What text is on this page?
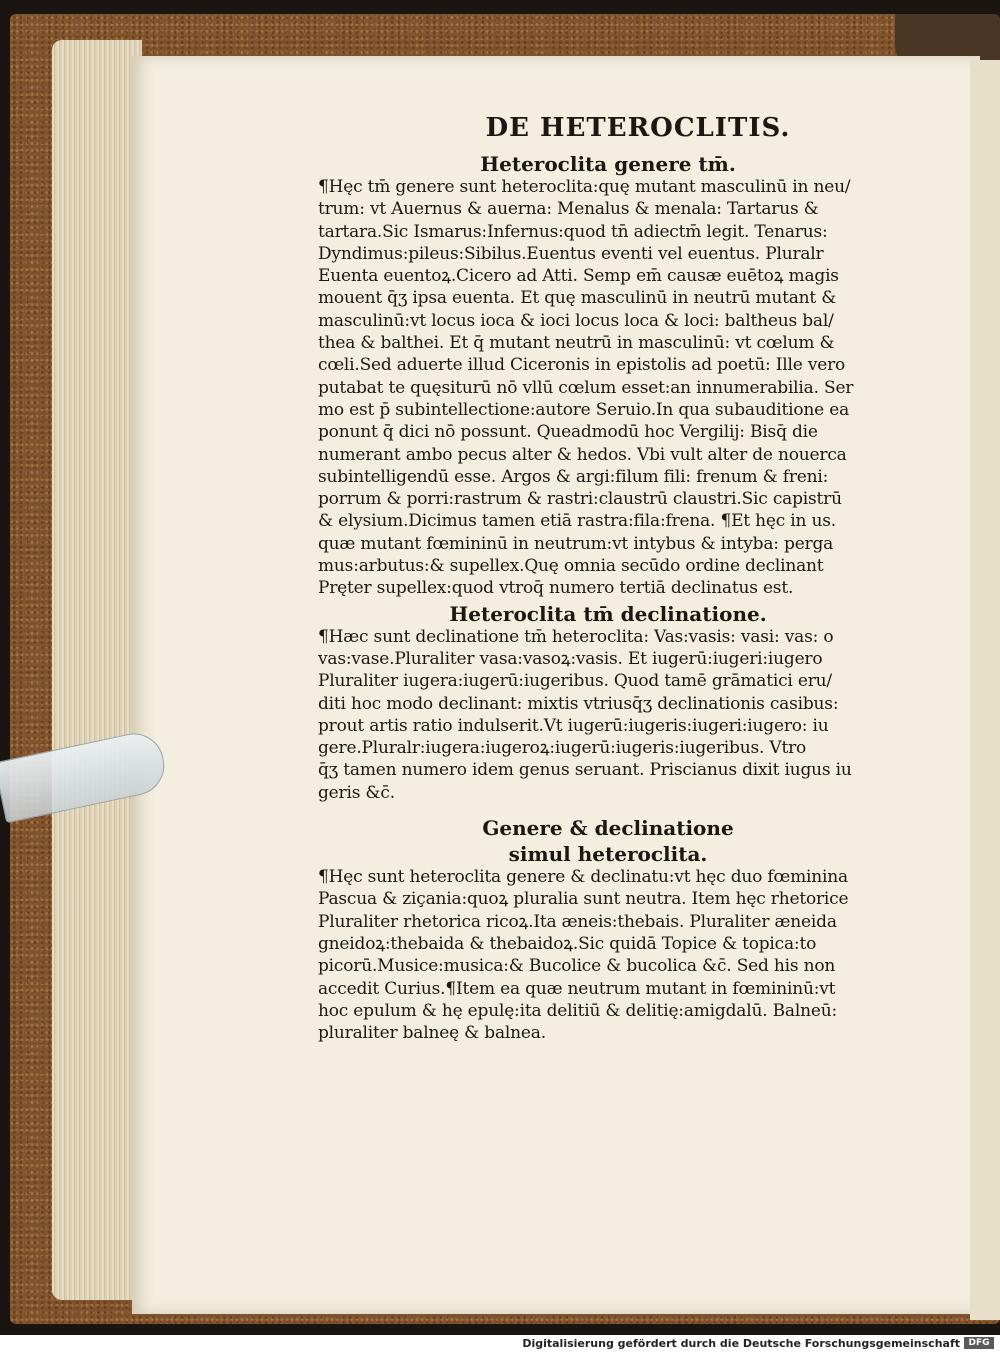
DE HETEROCLITIS.
Heteroclita genere tm̄.
¶Hęc tm̄ genere sunt heteroclita:quę mutant masculinū in neu/
trum: vt Auernus & auerna: Menalus & menala: Tartarus &
tartara.Sic Ismarus:Infernus:quod tn̄ adiectm̄ legit. Tenarus:
Dyndimus:pileus:Sibilus.Euentus eventi vel euentus. Pluralr
Euenta euentoꝝ.Cicero ad Atti. Semp em̄ causæ euētoꝝ magis
mouent q̄ʒ ipsa euenta. Et quę masculinū in neutrū mutant &
masculinū:vt locus ioca & ioci locus loca & loci: baltheus bal/
thea & balthei. Et q̄ mutant neutrū in masculinū: vt cœlum &
cœli.Sed aduerte illud Ciceronis in epistolis ad poetū: Ille vero
putabat te quęsiturū nō vllū cœlum esset:an innumerabilia. Ser
mo est p̄ subintellectione:autore Seruio.In qua subauditione ea
ponunt q̄ dici nō possunt. Queadmodū hoc Vergilij: Bisq̄ die
numerant ambo pecus alter & hedos. Vbi vult alter de nouerca
subintelligendū esse. Argos & argi:filum fili: frenum & freni:
porrum & porri:rastrum & rastri:claustrū claustri.Sic capistrū
& elysium.Dicimus tamen etiā rastra:fila:frena. ¶Et hęc in us.
quæ mutant fœmininū in neutrum:vt intybus & intyba: perga
mus:arbutus:& supellex.Quę omnia secūdo ordine declinant
Pręter supellex:quod vtroq̄ numero tertiā declinatus est.
Heteroclita tm̄ declinatione.
¶Hæc sunt declinatione tm̄ heteroclita: Vas:vasis: vasi: vas: o
vas:vase.Pluraliter vasa:vasoꝝ:vasis. Et iugerū:iugeri:iugero
Pluraliter iugera:iugerū:iugeribus. Quod tamē grāmatici eru/
diti hoc modo declinant: mixtis vtriusq̄ʒ declinationis casibus:
prout artis ratio indulserit.Vt iugerū:iugeris:iugeri:iugero: iu
gere.Pluralr:iugera:iugeroꝝ:iugerū:iugeris:iugeribus. Vtro
q̄ʒ tamen numero idem genus seruant. Priscianus dixit iugus iu
geris &c̄.
Genere & declinatione
simul heteroclita.
¶Hęc sunt heteroclita genere & declinatu:vt hęc duo fœminina
Pascua & ziçania:quoꝝ pluralia sunt neutra. Item hęc rhetorice
Pluraliter rhetorica ricoꝝ.Ita æneis:thebais. Pluraliter æneida
gneidoꝝ:thebaida & thebaidoꝝ.Sic quidā Topice & topica:to
picorū.Musice:musica:& Bucolice & bucolica &c̄. Sed his non
accedit Curius.¶Item ea quæ neutrum mutant in fœmininū:vt
hoc epulum & hę epulę:ita delitiū & delitię:amigdalū. Balneū:
pluraliter balneę & balnea.
Digitalisierung gefördert durch die Deutsche Forschungsgemeinschaft DFG
